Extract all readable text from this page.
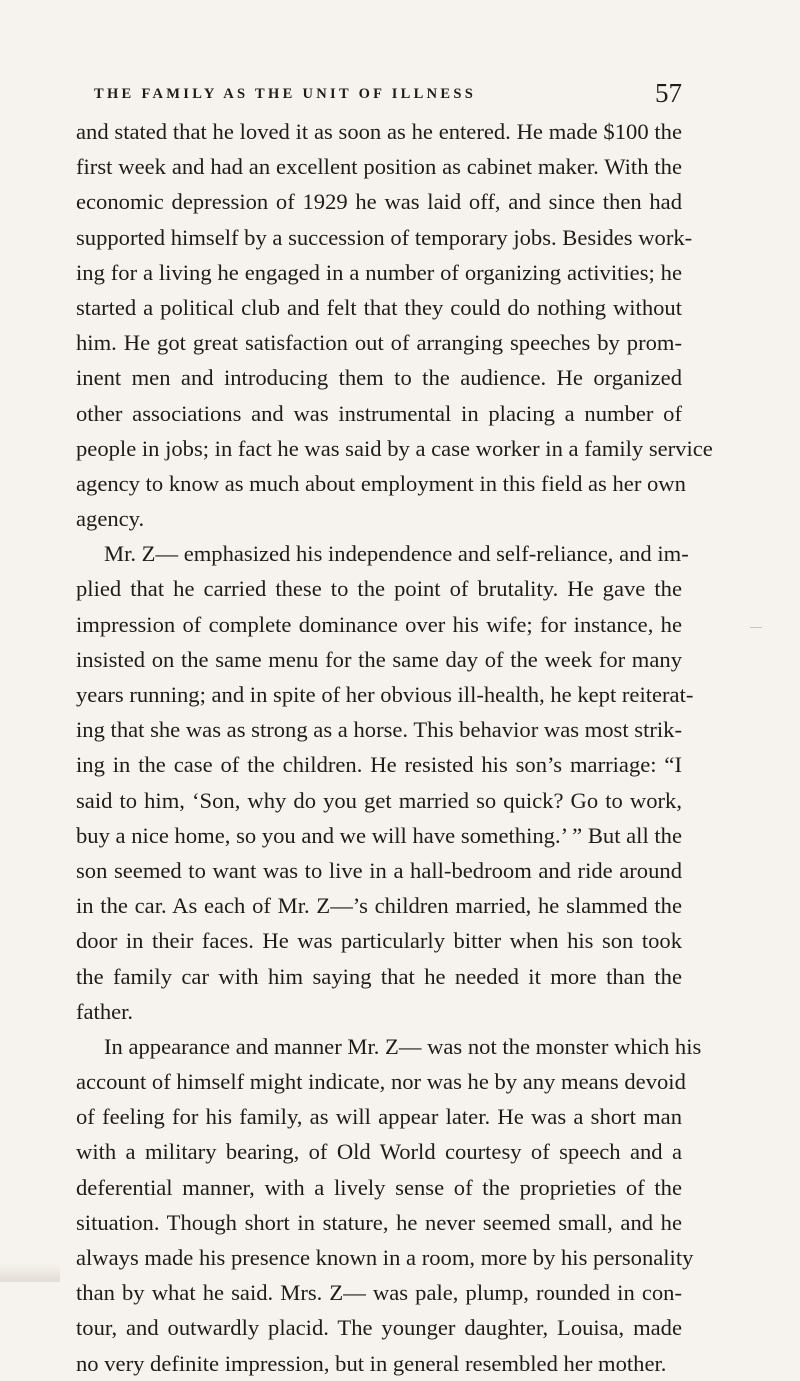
THE FAMILY AS THE UNIT OF ILLNESS	57
and stated that he loved it as soon as he entered. He made $100 the
first week and had an excellent position as cabinet maker. With the
economic depression of 1929 he was laid off, and since then had
supported himself by a succession of temporary jobs. Besides work-
ing for a living he engaged in a number of organizing activities; he
started a political club and felt that they could do nothing without
him. He got great satisfaction out of arranging speeches by prom-
inent men and introducing them to the audience. He organized
other associations and was instrumental in placing a number of
people in jobs; in fact he was said by a case worker in a family service
agency to know as much about employment in this field as her own
agency.
Mr. Z— emphasized his independence and self-reliance, and im-
plied that he carried these to the point of brutality. He gave the
impression of complete dominance over his wife; for instance, he
insisted on the same menu for the same day of the week for many
years running; and in spite of her obvious ill-health, he kept reiterat-
ing that she was as strong as a horse. This behavior was most strik-
ing in the case of the children. He resisted his son’s marriage: “I
said to him, ‘Son, why do you get married so quick? Go to work,
buy a nice home, so you and we will have something.’ ” But all the
son seemed to want was to live in a hall-bedroom and ride around
in the car. As each of Mr. Z—’s children married, he slammed the
door in their faces. He was particularly bitter when his son took
the family car with him saying that he needed it more than the
father.
In appearance and manner Mr. Z— was not the monster which his
account of himself might indicate, nor was he by any means devoid
of feeling for his family, as will appear later. He was a short man
with a military bearing, of Old World courtesy of speech and a
deferential manner, with a lively sense of the proprieties of the
situation. Though short in stature, he never seemed small, and he
always made his presence known in a room, more by his personality
than by what he said. Mrs. Z— was pale, plump, rounded in con-
tour, and outwardly placid. The younger daughter, Louisa, made
no very definite impression, but in general resembled her mother.
